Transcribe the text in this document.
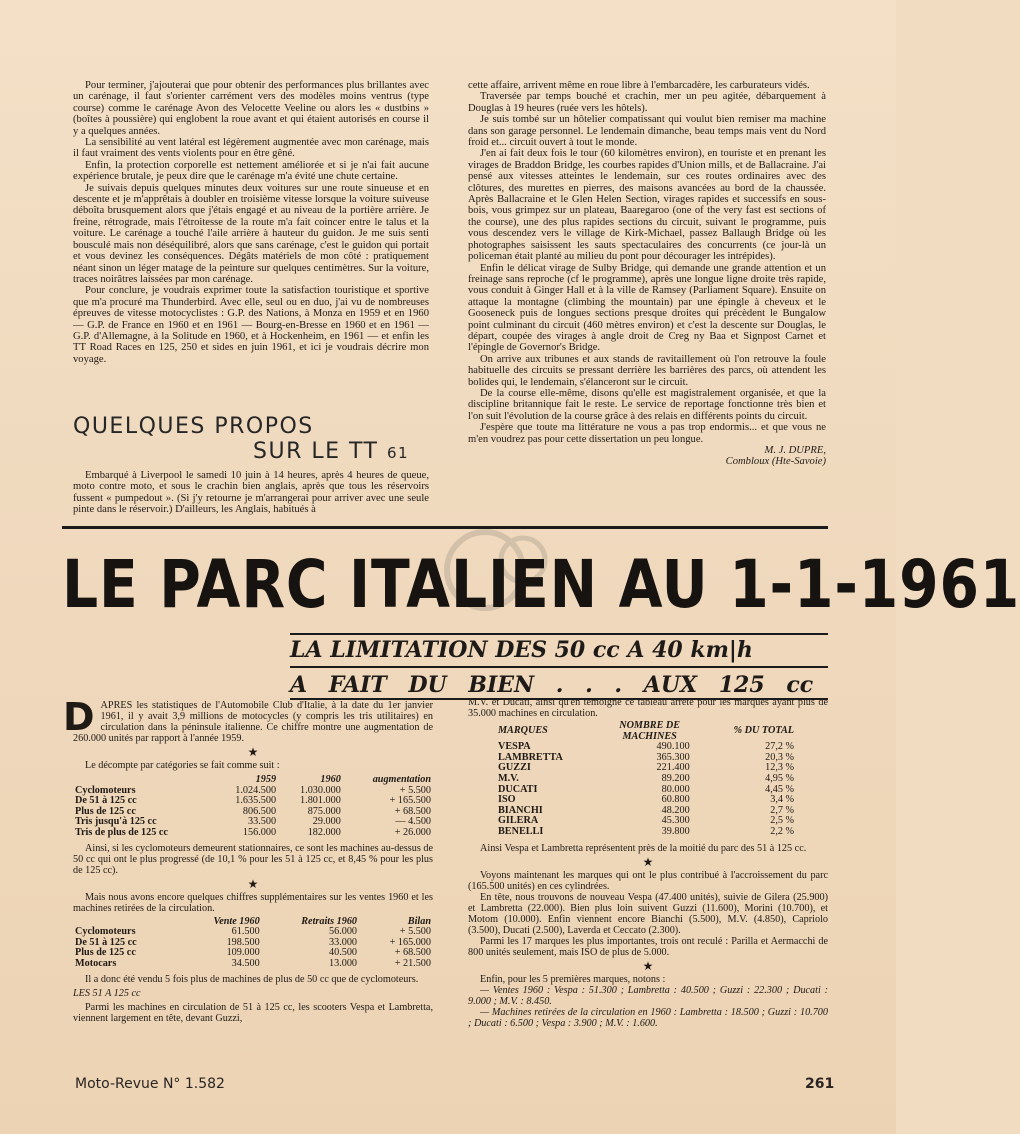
Pour terminer, j'ajouterai que pour obtenir des performances plus brillantes avec un carénage, il faut s'orienter carrément vers des modèles moins ventrus (type course) comme le carénage Avon des Velocette Veeline ou alors les « dustbins » (boîtes à poussière) qui englobent la roue avant et qui étaient autorisés en course il y a quelques années.

La sensibilité au vent latéral est légèrement augmentée avec mon carénage, mais il faut vraiment des vents violents pour en être gêné.

Enfin, la protection corporelle est nettement améliorée et si je n'ai fait aucune expérience brutale, je peux dire que le carénage m'a évité une chute certaine.

Je suivais depuis quelques minutes deux voitures sur une route sinueuse et en descente et je m'apprêtais à doubler en troisième vitesse lorsque la voiture suiveuse déboîta brusquement alors que j'étais engagé et au niveau de la portière arrière. Je freine, rétrograde, mais l'étroitesse de la route m'a fait coincer entre le talus et la voiture. Le carénage a touché l'aile arrière à hauteur du guidon. Je me suis senti bousculé mais non déséquilibré, alors que sans carénage, c'est le guidon qui portait et vous devinez les conséquences. Dégâts matériels de mon côté : pratiquement néant sinon un léger matage de la peinture sur quelques centimètres. Sur la voiture, traces noirâtres laissées par mon carénage.

Pour conclure, je voudrais exprimer toute la satisfaction touristique et sportive que m'a procuré ma Thunderbird. Avec elle, seul ou en duo, j'ai vu de nombreuses épreuves de vitesse motocyclistes : G.P. des Nations, à Monza en 1959 et en 1960 — G.P. de France en 1960 et en 1961 — Bourg-en-Bresse en 1960 et en 1961 — G.P. d'Allemagne, à la Solitude en 1960, et à Hockenheim, en 1961 — et enfin les TT Road Races en 125, 250 et sides en juin 1961, et ici je voudrais décrire mon voyage.

QUELQUES PROPOS
SUR LE TT 61

Embarqué à Liverpool le samedi 10 juin à 14 heures, après 4 heures de queue, moto contre moto, et sous le crachin bien anglais, après que tous les réservoirs fussent « pumpedout ». (Si j'y retourne je m'arrangerai pour arriver avec une seule pinte dans le réservoir.) D'ailleurs, les Anglais, habitués à

cette affaire, arrivent même en roue libre à l'embarcadère, les carburateurs vidés.

Traversée par temps bouché et crachin, mer un peu agitée, débarquement à Douglas à 19 heures (ruée vers les hôtels).

Je suis tombé sur un hôtelier compatissant qui voulut bien remiser ma machine dans son garage personnel. Le lendemain dimanche, beau temps mais vent du Nord froid et... circuit ouvert à tout le monde.

J'en ai fait deux fois le tour (60 kilomètres environ), en touriste et en prenant les virages de Braddon Bridge, les courbes rapides d'Union mills, et de Ballacraine. J'ai pensé aux vitesses atteintes le lendemain, sur ces routes ordinaires avec des clôtures, des murettes en pierres, des maisons avancées au bord de la chaussée. Après Ballacraine et le Glen Helen Section, virages rapides et successifs en sous-bois, vous grimpez sur un plateau, Baaregaroo (one of the very fast est sections of the course), une des plus rapides sections du circuit, suivant le programme, puis vous descendez vers le village de Kirk-Michael, passez Ballaugh Bridge où les photographes saisissent les sauts spectaculaires des concurrents (ce jour-là un policeman était planté au milieu du pont pour décourager les intrépides).

Enfin le délicat virage de Sulby Bridge, qui demande une grande attention et un freinage sans reproche (cf le programme), après une longue ligne droite très rapide, vous conduit à Ginger Hall et à la ville de Ramsey (Parliament Square). Ensuite on attaque la montagne (climbing the mountain) par une épingle à cheveux et le Gooseneck puis de longues sections presque droites qui précèdent le Bungalow point culminant du circuit (460 mètres environ) et c'est la descente sur Douglas, le départ, coupée des virages à angle droit de Creg ny Baa et Signpost Carnet et l'épingle de Governor's Bridge.

On arrive aux tribunes et aux stands de ravitaillement où l'on retrouve la foule habituelle des circuits se pressant derrière les barrières des parcs, où attendent les bolides qui, le lendemain, s'élanceront sur le circuit.

De la course elle-même, disons qu'elle est magistralement organisée, et que la discipline britannique fait le reste. Le service de reportage fonctionne très bien et l'on suit l'évolution de la course grâce à des relais en différents points du circuit.

J'espère que toute ma littérature ne vous a pas trop endormis... et que vous ne m'en voudrez pas pour cette dissertation un peu longue.

M. J. DUPRE,
Combloux (Hte-Savoie)
LE PARC ITALIEN AU 1-1-1961
LA LIMITATION DES 50 cc A 40 km|h
A FAIT DU BIEN . . . AUX 125 cc

DAPRES les statistiques de l'Automobile Club d'Italie, à la date du 1er janvier 1961, il y avait 3,9 millions de motocycles (y compris les tris utilitaires) en circulation dans la péninsule italienne. Ce chiffre montre une augmentation de 260.000 unités par rapport à l'année 1959.

★

Le décompte par catégories se fait comme suit :

	1959	1960	augmentation
Cyclomoteurs	1.024.500	1.030.000	+ 5.500
De 51 à 125 cc	1.635.500	1.801.000	+ 165.500
Plus de 125 cc	806.500	875.000	+ 68.500
Tris jusqu'à 125 cc	33.500	29.000	— 4.500
Tris de plus de 125 cc	156.000	182.000	+ 26.000

Ainsi, si les cyclomoteurs demeurent stationnaires, ce sont les machines au-dessus de 50 cc qui ont le plus progressé (de 10,1 % pour les 51 à 125 cc, et 8,45 % pour les plus de 125 cc).

★

Mais nous avons encore quelques chiffres supplémentaires sur les ventes 1960 et les machines retirées de la circulation.

	Vente 1960	Retraits 1960	Bilan
Cyclomoteurs	61.500	56.000	+ 5.500
De 51 à 125 cc	198.500	33.000	+ 165.000
Plus de 125 cc	109.000	40.500	+ 68.500
Motocars	34.500	13.000	+ 21.500

Il a donc été vendu 5 fois plus de machines de plus de 50 cc que de cyclomoteurs.

LES 51 A 125 cc

Parmi les machines en circulation de 51 à 125 cc, les scooters Vespa et Lambretta, viennent largement en tête, devant Guzzi,

M.V. et Ducati, ainsi qu'en témoigne ce tableau arrêté pour les marques ayant plus de 35.000 machines en circulation.

MARQUES	NOMBRE DE MACHINES	% DU TOTAL
VESPA	490.100	27,2 %
LAMBRETTA	365.300	20,3 %
GUZZI	221.400	12,3 %
M.V.	89.200	4,95 %
DUCATI	80.000	4,45 %
ISO	60.800	3,4 %
BIANCHI	48.200	2,7 %
GILERA	45.300	2,5 %
BENELLI	39.800	2,2 %

Ainsi Vespa et Lambretta représentent près de la moitié du parc des 51 à 125 cc.

★

Voyons maintenant les marques qui ont le plus contribué à l'accroissement du parc (165.500 unités) en ces cylindrées.

En tête, nous trouvons de nouveau Vespa (47.400 unités), suivie de Gilera (25.900) et Lambretta (22.000). Bien plus loin suivent Guzzi (11.600), Morini (10.700), et Motom (10.000). Enfin viennent encore Bianchi (5.500), M.V. (4.850), Capriolo (3.500), Ducati (2.500), Laverda et Ceccato (2.300).

Parmi les 17 marques les plus importantes, trois ont reculé : Parilla et Aermacchi de 800 unités seulement, mais ISO de plus de 5.000.

★

Enfin, pour les 5 premières marques, notons :

— Ventes 1960 : Vespa : 51.300 ; Lambretta : 40.500 ; Guzzi : 22.300 ; Ducati : 9.000 ; M.V. : 8.450.

— Machines retirées de la circulation en 1960 : Lambretta : 18.500 ; Guzzi : 10.700 ; Ducati : 6.500 ; Vespa : 3.900 ; M.V. : 1.600.

Moto-Revue N° 1.582	261
